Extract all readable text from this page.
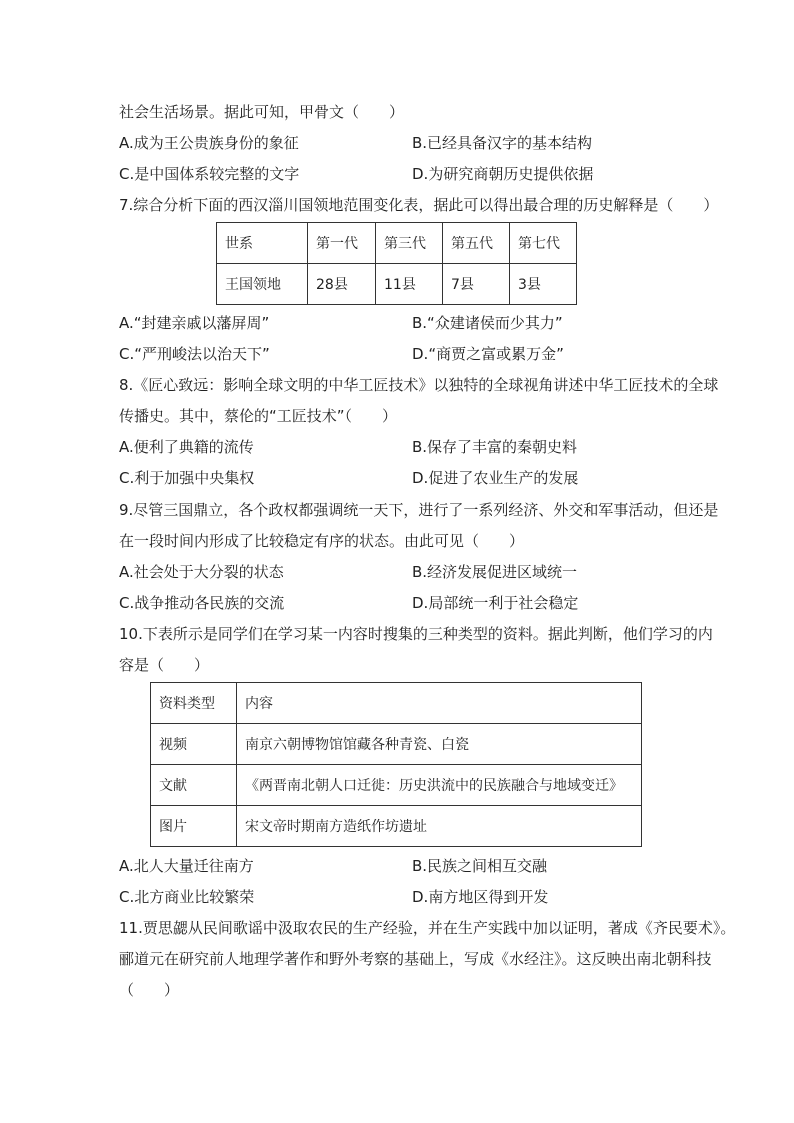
社会生活场景。据此可知，甲骨文（　　）
A.成为王公贵族身份的象征	B.已经具备汉字的基本结构
C.是中国体系较完整的文字	D.为研究商朝历史提供依据
7.综合分析下面的西汉淄川国领地范围变化表，据此可以得出最合理的历史解释是（　　）
世系	第一代	第三代	第五代	第七代
王国领地	28县	11县	7县	3县
A.“封建亲戚以藩屏周”	B.“众建诸侯而少其力”
C.“严刑峻法以治天下”	D.“商贾之富或累万金”
8.《匠心致远：影响全球文明的中华工匠技术》以独特的全球视角讲述中华工匠技术的全球
传播史。其中，蔡伦的“工匠技术”（　　）
A.便利了典籍的流传	B.保存了丰富的秦朝史料
C.利于加强中央集权	D.促进了农业生产的发展
9.尽管三国鼎立，各个政权都强调统一天下，进行了一系列经济、外交和军事活动，但还是
在一段时间内形成了比较稳定有序的状态。由此可见（　　）
A.社会处于大分裂的状态	B.经济发展促进区域统一
C.战争推动各民族的交流	D.局部统一利于社会稳定
10.下表所示是同学们在学习某一内容时搜集的三种类型的资料。据此判断，他们学习的内
容是（　　）
资料类型	内容
视频	南京六朝博物馆馆藏各种青瓷、白瓷
文献	《两晋南北朝人口迁徙：历史洪流中的民族融合与地域变迁》
图片	宋文帝时期南方造纸作坊遗址
A.北人大量迁往南方	B.民族之间相互交融
C.北方商业比较繁荣	D.南方地区得到开发
11.贾思勰从民间歌谣中汲取农民的生产经验，并在生产实践中加以证明，著成《齐民要术》。
郦道元在研究前人地理学著作和野外考察的基础上，写成《水经注》。这反映出南北朝科技
（　　）
